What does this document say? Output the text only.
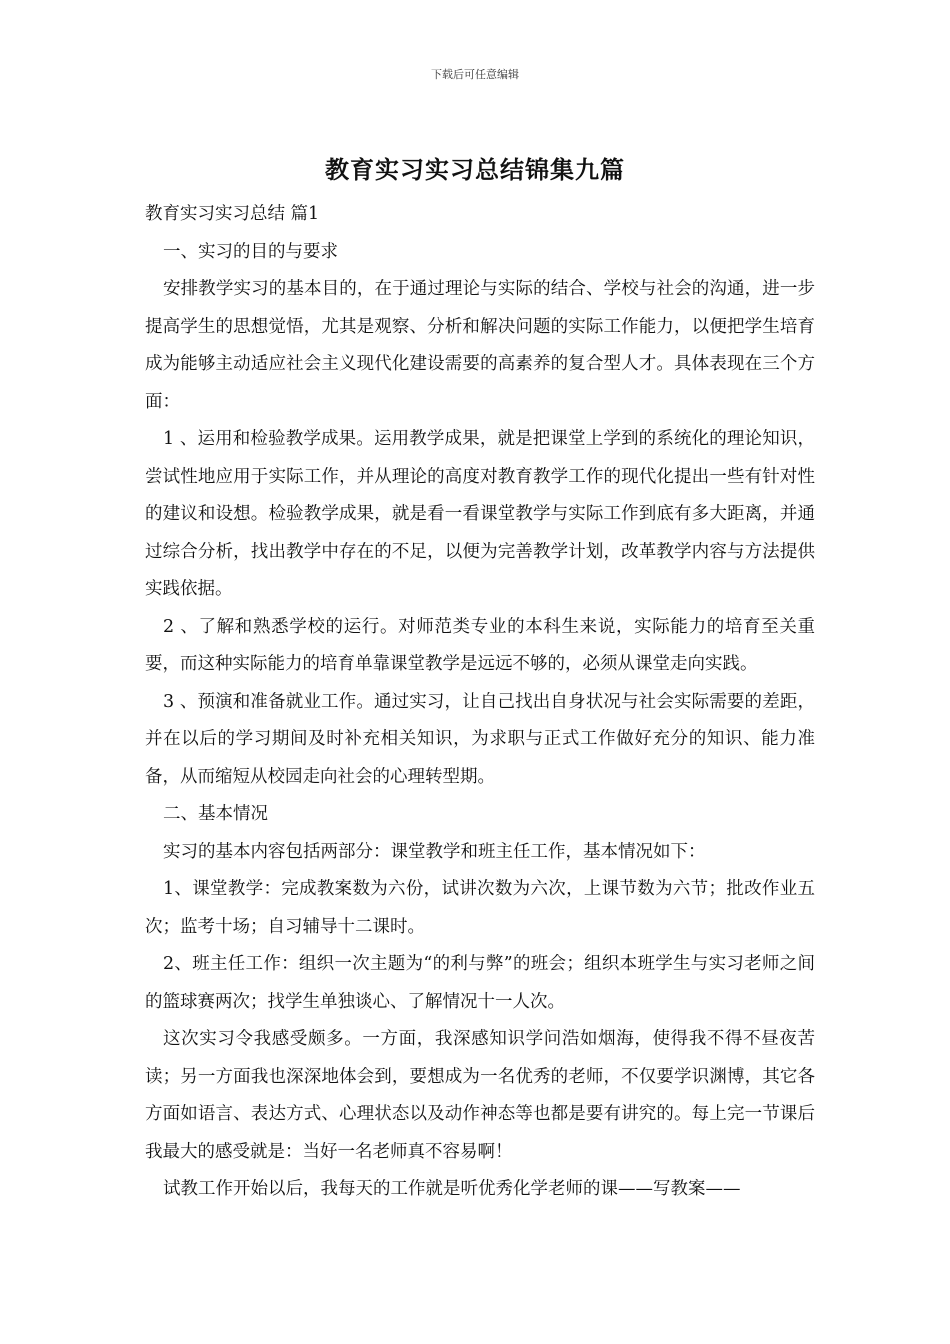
下载后可任意编辑
教育实习实习总结锦集九篇

教育实习实习总结 篇1

一、实习的目的与要求

安排教学实习的基本目的，在于通过理论与实际的结合、学校与社会的沟通，进一步提高学生的思想觉悟，尤其是观察、分析和解决问题的实际工作能力，以便把学生培育成为能够主动适应社会主义现代化建设需要的高素养的复合型人才。具体表现在三个方面：

1 、运用和检验教学成果。运用教学成果，就是把课堂上学到的系统化的理论知识，尝试性地应用于实际工作，并从理论的高度对教育教学工作的现代化提出一些有针对性的建议和设想。检验教学成果，就是看一看课堂教学与实际工作到底有多大距离，并通过综合分析，找出教学中存在的不足，以便为完善教学计划，改革教学内容与方法提供实践依据。

2 、了解和熟悉学校的运行。对师范类专业的本科生来说，实际能力的培育至关重要，而这种实际能力的培育单靠课堂教学是远远不够的，必须从课堂走向实践。

3 、预演和准备就业工作。通过实习，让自己找出自身状况与社会实际需要的差距，并在以后的学习期间及时补充相关知识，为求职与正式工作做好充分的知识、能力准备，从而缩短从校园走向社会的心理转型期。

二、基本情况

实习的基本内容包括两部分：课堂教学和班主任工作，基本情况如下：

1、课堂教学：完成教案数为六份，试讲次数为六次，上课节数为六节；批改作业五次；监考十场；自习辅导十二课时。

2、班主任工作：组织一次主题为“的利与弊”的班会；组织本班学生与实习老师之间的篮球赛两次；找学生单独谈心、了解情况十一人次。

这次实习令我感受颇多。一方面，我深感知识学问浩如烟海，使得我不得不昼夜苦读；另一方面我也深深地体会到，要想成为一名优秀的老师，不仅要学识渊博，其它各方面如语言、表达方式、心理状态以及动作神态等也都是要有讲究的。每上完一节课后我最大的感受就是：当好一名老师真不容易啊！

试教工作开始以后，我每天的工作就是听优秀化学老师的课——写教案——
